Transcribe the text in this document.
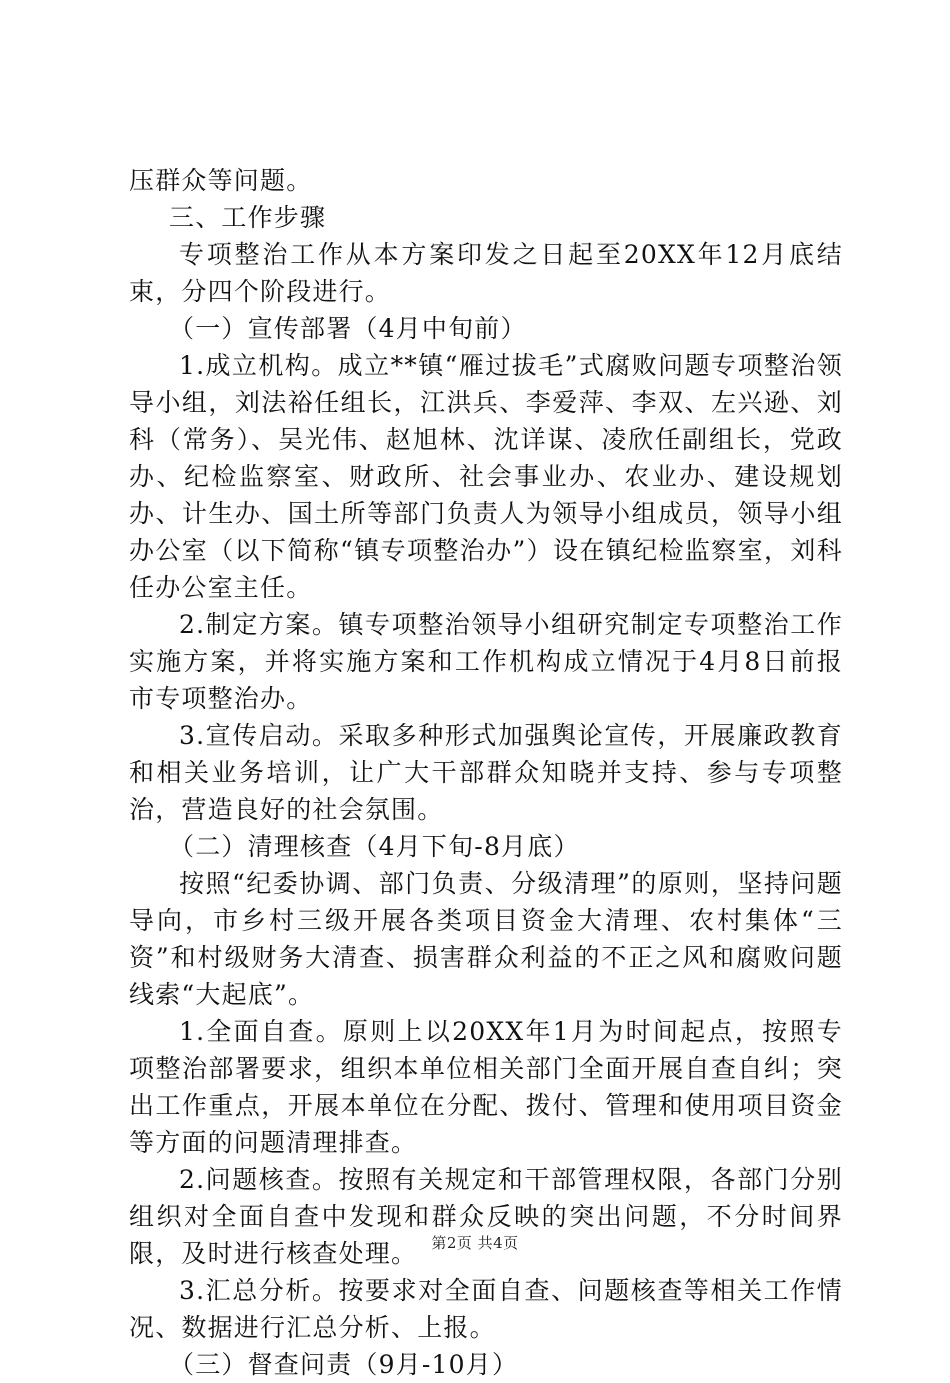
压群众等问题。

三、工作步骤

专项整治工作从本方案印发之日起至20XX年12月底结束，分四个阶段进行。

（一）宣传部署（4月中旬前）

1.成立机构。成立**镇“雁过拔毛”式腐败问题专项整治领导小组，刘法裕任组长，江洪兵、李爱萍、李双、左兴逊、刘科（常务）、吴光伟、赵旭林、沈详谋、凌欣任副组长，党政办、纪检监察室、财政所、社会事业办、农业办、建设规划办、计生办、国土所等部门负责人为领导小组成员，领导小组办公室（以下简称“镇专项整治办”）设在镇纪检监察室，刘科任办公室主任。

2.制定方案。镇专项整治领导小组研究制定专项整治工作实施方案，并将实施方案和工作机构成立情况于4月8日前报市专项整治办。

3.宣传启动。采取多种形式加强舆论宣传，开展廉政教育和相关业务培训，让广大干部群众知晓并支持、参与专项整治，营造良好的社会氛围。

（二）清理核查（4月下旬-8月底）

按照“纪委协调、部门负责、分级清理”的原则，坚持问题导向，市乡村三级开展各类项目资金大清理、农村集体“三资”和村级财务大清查、损害群众利益的不正之风和腐败问题线索“大起底”。

1.全面自查。原则上以20XX年1月为时间起点，按照专项整治部署要求，组织本单位相关部门全面开展自查自纠；突出工作重点，开展本单位在分配、拨付、管理和使用项目资金等方面的问题清理排查。

2.问题核查。按照有关规定和干部管理权限，各部门分别组织对全面自查中发现和群众反映的突出问题，不分时间界限，及时进行核查处理。

3.汇总分析。按要求对全面自查、问题核查等相关工作情况、数据进行汇总分析、上报。

（三）督查问责（9月-10月）

第2页 共4页
